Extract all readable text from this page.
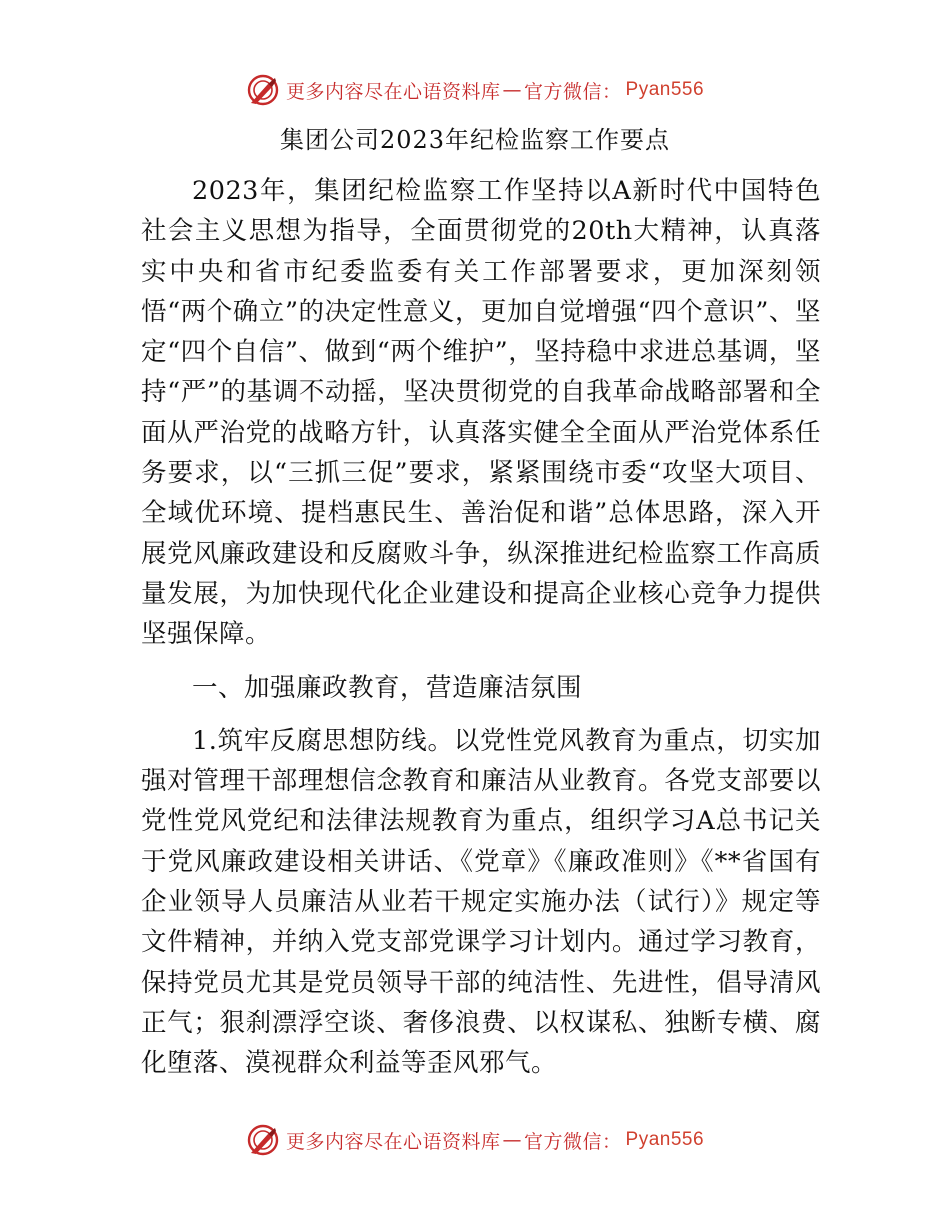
更多内容尽在心语资料库 — 官方微信 ： Pyan556
集团公司2023年纪检监察工作要点

2023年，集团纪检监察工作坚持以A新时代中国特色社会主义思想为指导，全面贯彻党的20th大精神，认真落实中央和省市纪委监委有关工作部署要求，更加深刻领悟“两个确立”的决定性意义，更加自觉增强“四个意识”、坚定“四个自信”、做到“两个维护”，坚持稳中求进总基调，坚持“严”的基调不动摇，坚决贯彻党的自我革命战略部署和全面从严治党的战略方针，认真落实健全全面从严治党体系任务要求，以“三抓三促”要求，紧紧围绕市委“攻坚大项目、全域优环境、提档惠民生、善治促和谐”总体思路，深入开展党风廉政建设和反腐败斗争，纵深推进纪检监察工作高质量发展，为加快现代化企业建设和提高企业核心竞争力提供坚强保障。

一、加强廉政教育，营造廉洁氛围

1.筑牢反腐思想防线。以党性党风教育为重点，切实加强对管理干部理想信念教育和廉洁从业教育。各党支部要以党性党风党纪和法律法规教育为重点，组织学习A总书记关于党风廉政建设相关讲话、《党章》《廉政准则》《**省国有企业领导人员廉洁从业若干规定实施办法（试行）》规定等文件精神，并纳入党支部党课学习计划内。通过学习教育，保持党员尤其是党员领导干部的纯洁性、先进性，倡导清风正气；狠刹漂浮空谈、奢侈浪费、以权谋私、独断专横、腐化堕落、漠视群众利益等歪风邪气。

更多内容尽在心语资料库 — 官方微信 ： Pyan556
